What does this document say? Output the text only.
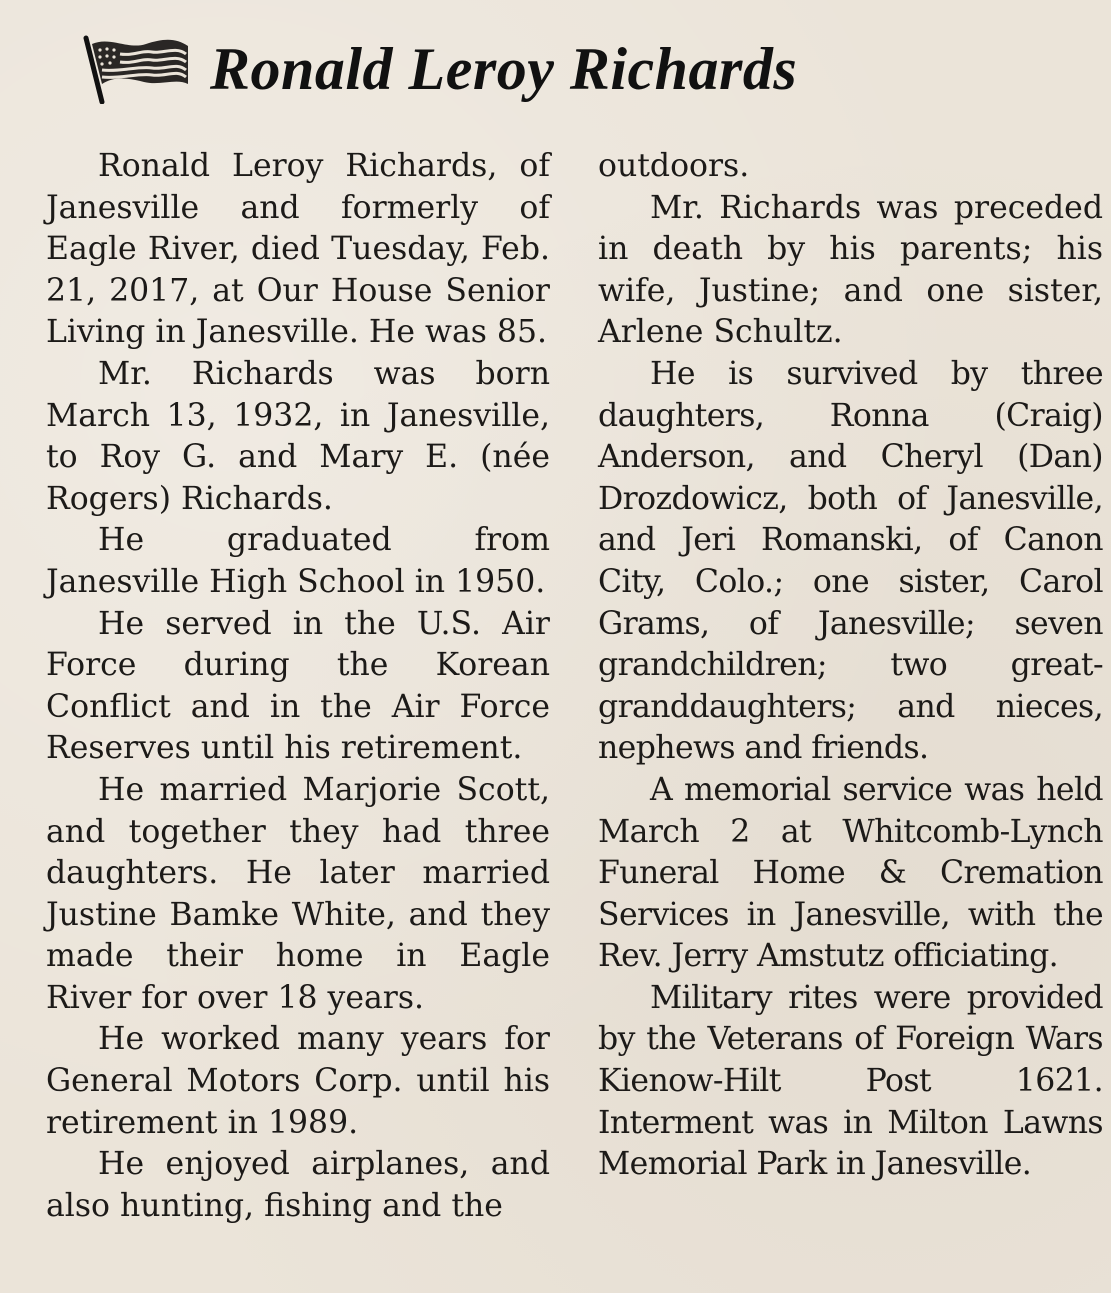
Ronald Leroy Richards

Ronald Leroy Richards, of Janesville and formerly of Eagle River, died Tuesday, Feb. 21, 2017, at Our House Senior Living in Janesville. He was 85.

Mr. Richards was born March 13, 1932, in Janesville, to Roy G. and Mary E. (née Rogers) Richards.

He graduated from Janesville High School in 1950.

He served in the U.S. Air Force during the Korean Conflict and in the Air Force Reserves until his retirement.

He married Marjorie Scott, and together they had three daughters. He later married Justine Bamke White, and they made their home in Eagle River for over 18 years.

He worked many years for General Motors Corp. until his retirement in 1989.

He enjoyed airplanes, and also hunting, fishing and the

outdoors.

Mr. Richards was preceded in death by his parents; his wife, Justine; and one sister, Arlene Schultz.

He is survived by three daughters, Ronna (Craig) Anderson, and Cheryl (Dan) Drozdowicz, both of Janesville, and Jeri Romanski, of Canon City, Colo.; one sister, Carol Grams, of Janesville; seven grandchildren; two great-granddaughters; and nieces, nephews and friends.

A memorial service was held March 2 at Whitcomb-Lynch Funeral Home & Cremation Services in Janesville, with the Rev. Jerry Amstutz officiating.

Military rites were provided by the Veterans of Foreign Wars Kienow-Hilt Post 1621. Interment was in Milton Lawns Memorial Park in Janesville.
